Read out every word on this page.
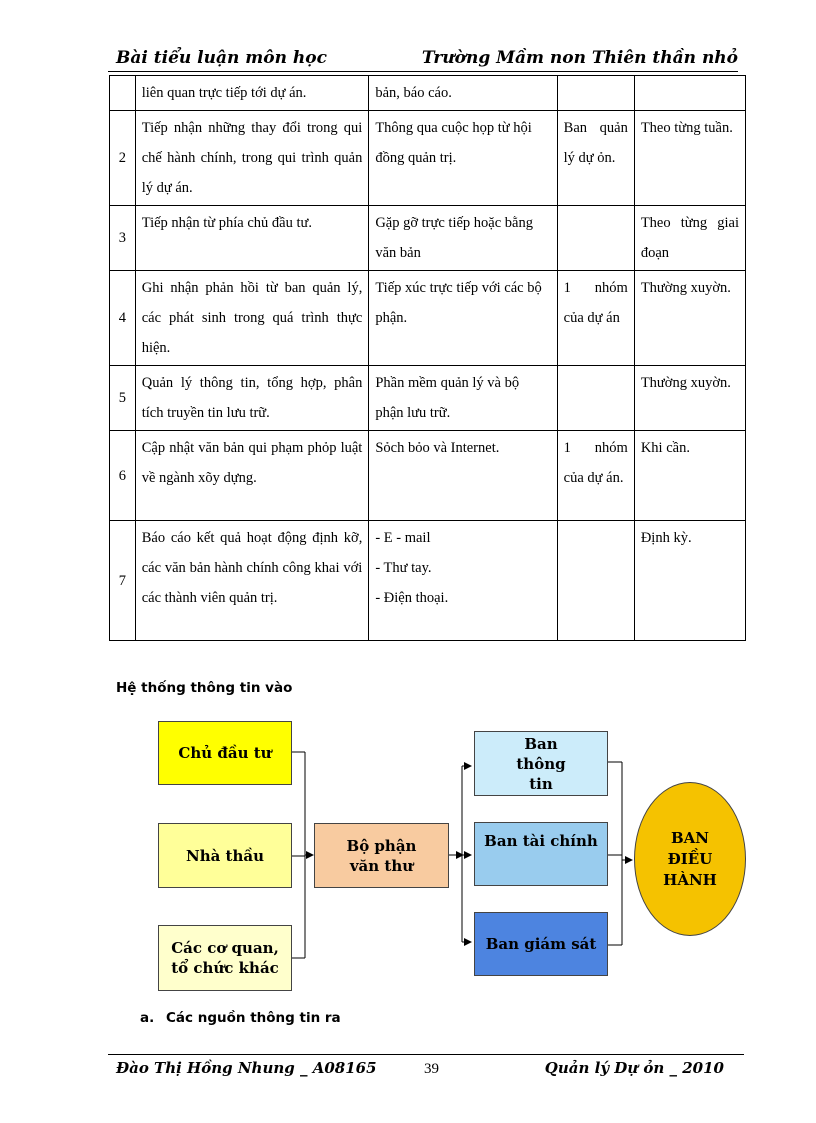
Bài tiểu luận môn học	Trường Mầm non Thiên thần nhỏ
	liên quan trực tiếp tới dự án.	bản, báo cáo.		
2	Tiếp nhận những thay đổi trong qui chế hành chính, trong qui trình quản lý dự án.	Thông qua cuộc họp từ hội đồng quản trị.	Ban quản lý dự ỏn.	Theo từng tuần.
3	Tiếp nhận từ phía chủ đầu tư.	Gặp gỡ trực tiếp hoặc bằng văn bản		Theo từng giai đoạn
4	Ghi nhận phản hồi từ ban quản lý, các phát sinh trong quá trình thực hiện.	Tiếp xúc trực tiếp với các bộ phận.	1 nhóm của dự án	Thường xuyờn.
5	Quản lý thông tin, tổng hợp, phân tích truyền tin lưu trữ.	Phần mềm quản lý và bộ phận lưu trữ.		Thường xuyờn.
6	Cập nhật văn bản qui phạm phỏp luật về ngành xõy dựng.	Sỏch bỏo và Internet.	1 nhóm của dự án.	Khi cần.
7	Báo cáo kết quả hoạt động định kỡ, các văn bản hành chính công khai với các thành viên quản trị.	- E - mail
- Thư tay.
- Điện thoại.		Định kỳ.
Hệ thống thông tin vào
Chủ đầu tư
Nhà thầu
Các cơ quan, tổ chức khác
Bộ phận văn thư
Ban thông tin
Ban tài chính
Ban giám sát
BAN ĐIỀU HÀNH
a. Các nguồn thông tin ra
Đào Thị Hồng Nhung _ A08165	39	Quản lý Dự ỏn _ 2010
